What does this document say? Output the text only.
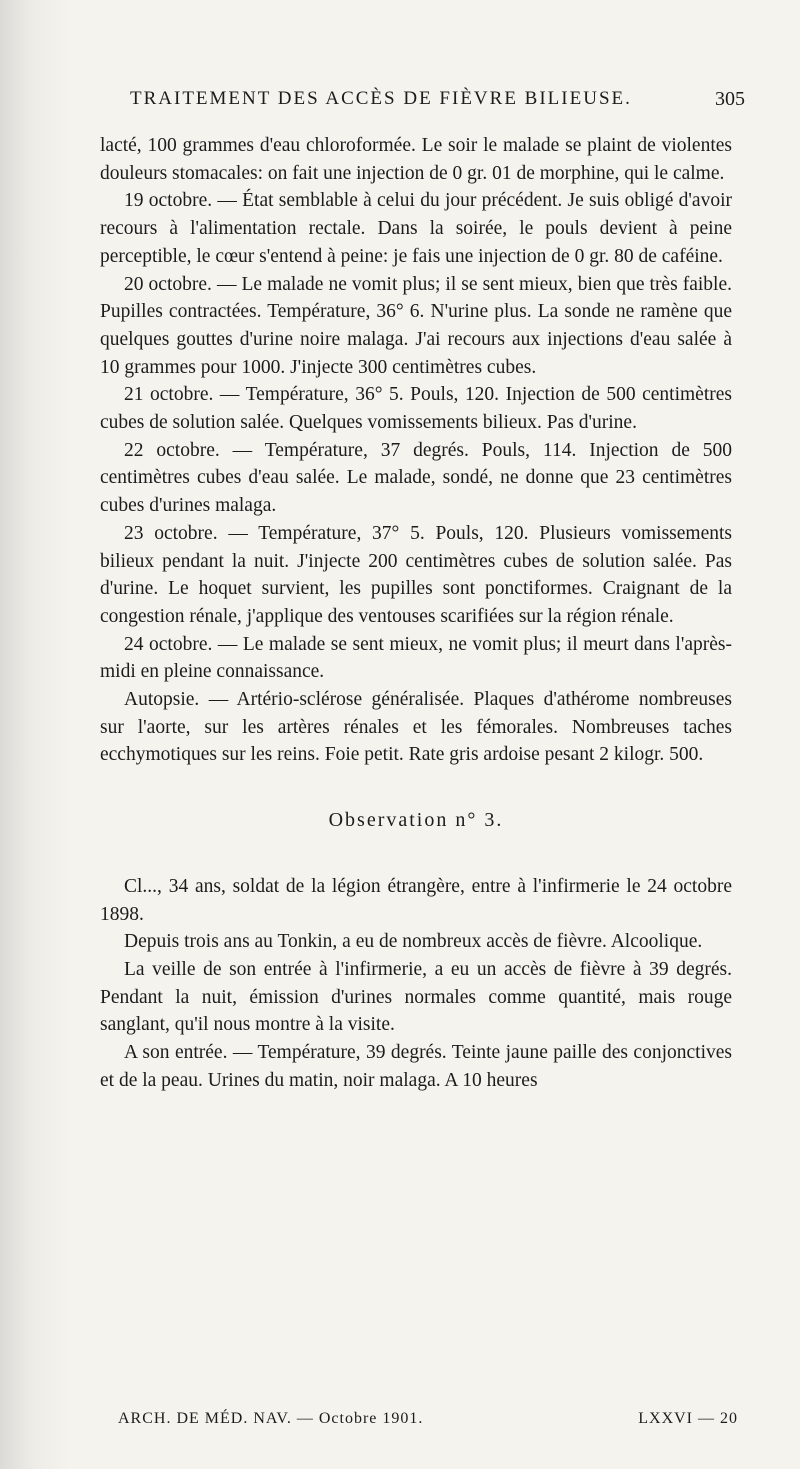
TRAITEMENT DES ACCÈS DE FIÈVRE BILIEUSE.	305

lacté, 100 grammes d'eau chloroformée. Le soir le malade se plaint de violentes douleurs stomacales: on fait une injection de 0 gr. 01 de morphine, qui le calme.

19 octobre. — État semblable à celui du jour précédent. Je suis obligé d'avoir recours à l'alimentation rectale. Dans la soirée, le pouls devient à peine perceptible, le cœur s'entend à peine: je fais une injection de 0 gr. 80 de caféine.

20 octobre. — Le malade ne vomit plus; il se sent mieux, bien que très faible. Pupilles contractées. Température, 36° 6. N'urine plus. La sonde ne ramène que quelques gouttes d'urine noire malaga. J'ai recours aux injections d'eau salée à 10 grammes pour 1000. J'injecte 300 centimètres cubes.

21 octobre. — Température, 36° 5. Pouls, 120. Injection de 500 centimètres cubes de solution salée. Quelques vomissements bilieux. Pas d'urine.

22 octobre. — Température, 37 degrés. Pouls, 114. Injection de 500 centimètres cubes d'eau salée. Le malade, sondé, ne donne que 23 centimètres cubes d'urines malaga.

23 octobre. — Température, 37° 5. Pouls, 120. Plusieurs vomissements bilieux pendant la nuit. J'injecte 200 centimètres cubes de solution salée. Pas d'urine. Le hoquet survient, les pupilles sont ponctiformes. Craignant de la congestion rénale, j'applique des ventouses scarifiées sur la région rénale.

24 octobre. — Le malade se sent mieux, ne vomit plus; il meurt dans l'après-midi en pleine connaissance.

Autopsie. — Artério-sclérose généralisée. Plaques d'athérome nombreuses sur l'aorte, sur les artères rénales et les fémorales. Nombreuses taches ecchymotiques sur les reins. Foie petit. Rate gris ardoise pesant 2 kilogr. 500.

Observation n° 3.

Cl..., 34 ans, soldat de la légion étrangère, entre à l'infirmerie le 24 octobre 1898.

Depuis trois ans au Tonkin, a eu de nombreux accès de fièvre. Alcoolique.

La veille de son entrée à l'infirmerie, a eu un accès de fièvre à 39 degrés. Pendant la nuit, émission d'urines normales comme quantité, mais rouge sanglant, qu'il nous montre à la visite.

A son entrée. — Température, 39 degrés. Teinte jaune paille des conjonctives et de la peau. Urines du matin, noir malaga. A 10 heures

ARCH. DE MÉD. NAV. — Octobre 1901.	LXXVI — 20
